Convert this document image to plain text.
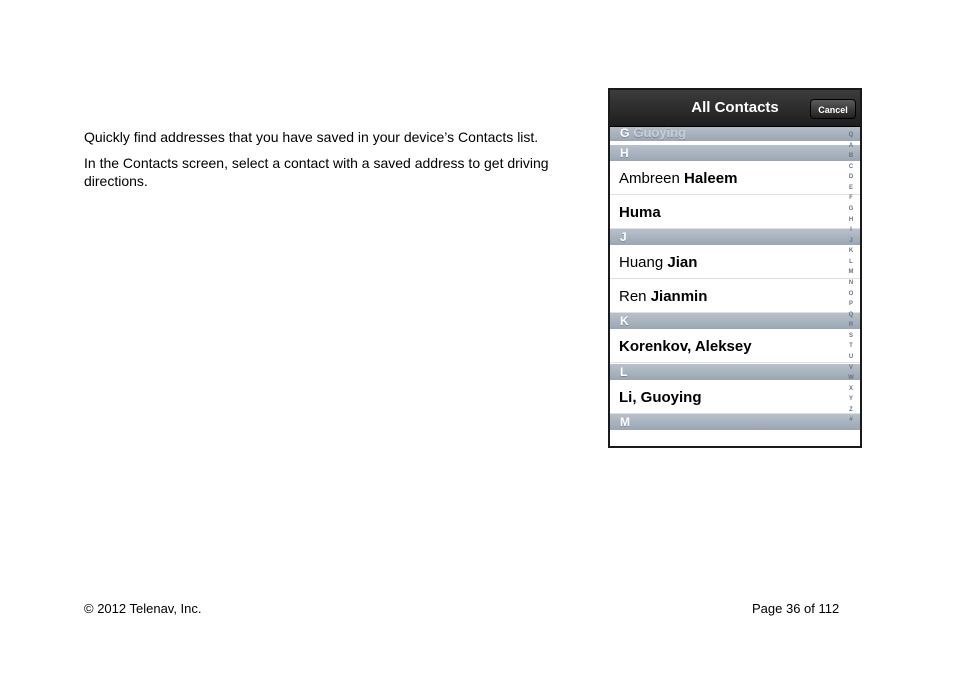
Quickly find addresses that you have saved in your device’s Contacts list.

In the Contacts screen, select a contact with a saved address to get driving directions.

All Contacts	Cancel
G Guoying
H
Ambreen Haleem
Huma
J
Huang Jian
Ren Jianmin
K
Korenkov, Aleksey
L
Li, Guoying
M
Q
A
B
C
D
E
F
G
H
I
J
K
L
M
N
O
P
Q
R
S
T
U
V
W
X
Y
Z
#
© 2012 Telenav, Inc.	Page 36 of 112
